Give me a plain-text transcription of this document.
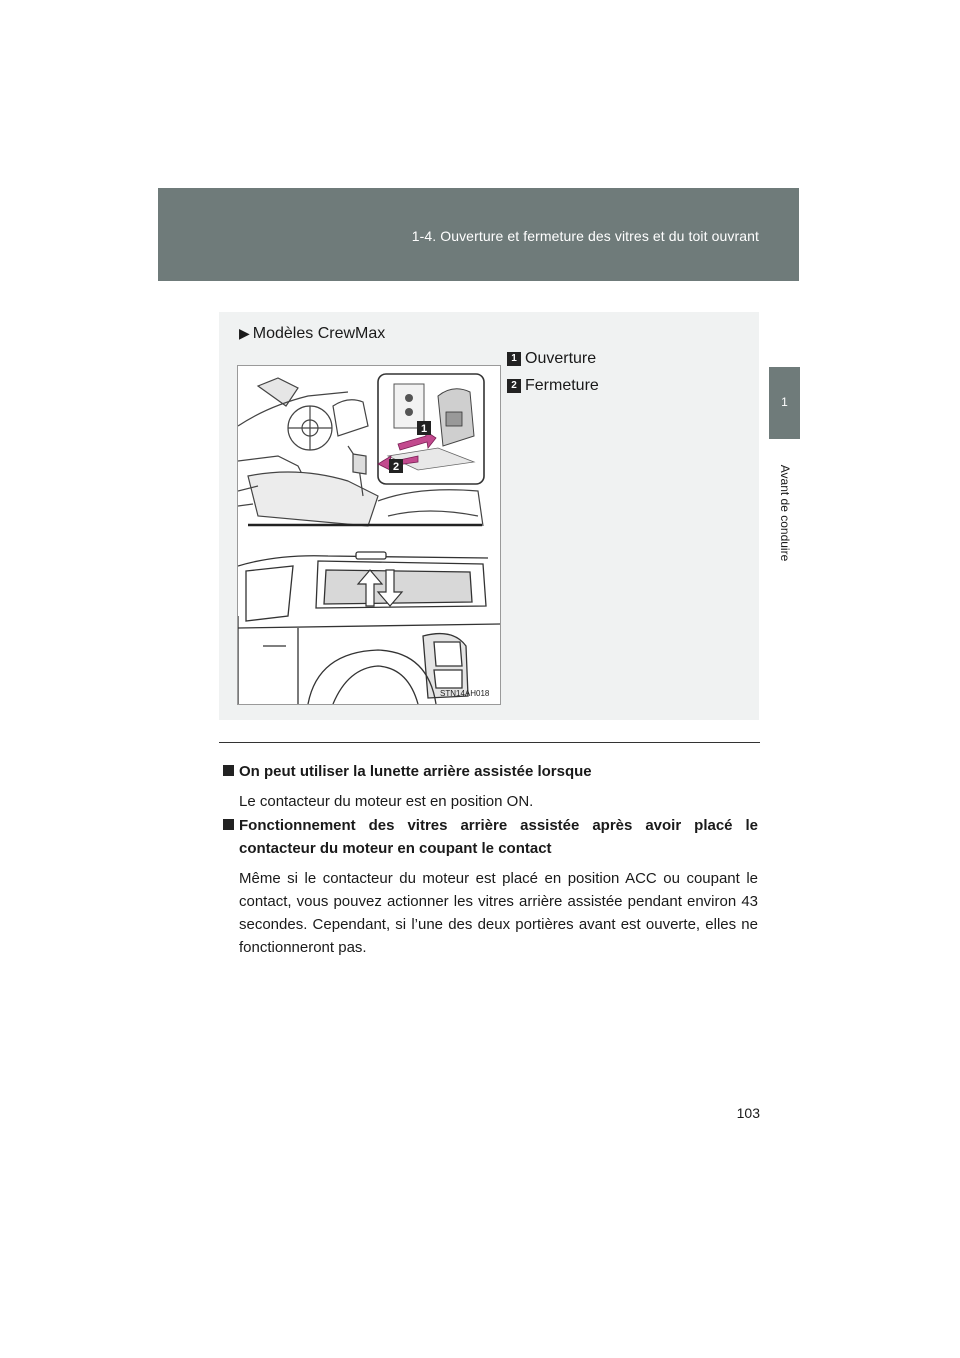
1-4. Ouverture et fermeture des vitres et du toit ouvrant
1
Avant de conduire
▶ Modèles CrewMax
1 Ouverture
2 Fermeture
1
2
STN14AH018
On peut utiliser la lunette arrière assistée lorsque
Le contacteur du moteur est en position ON.
Fonctionnement des vitres arrière assistée après avoir placé le contacteur du moteur en coupant le contact
Même si le contacteur du moteur est placé en position ACC ou coupant le contact, vous pouvez actionner les vitres arrière assistée pendant environ 43 secondes. Cependant, si l’une des deux portières avant est ouverte, elles ne fonctionneront pas.
103
